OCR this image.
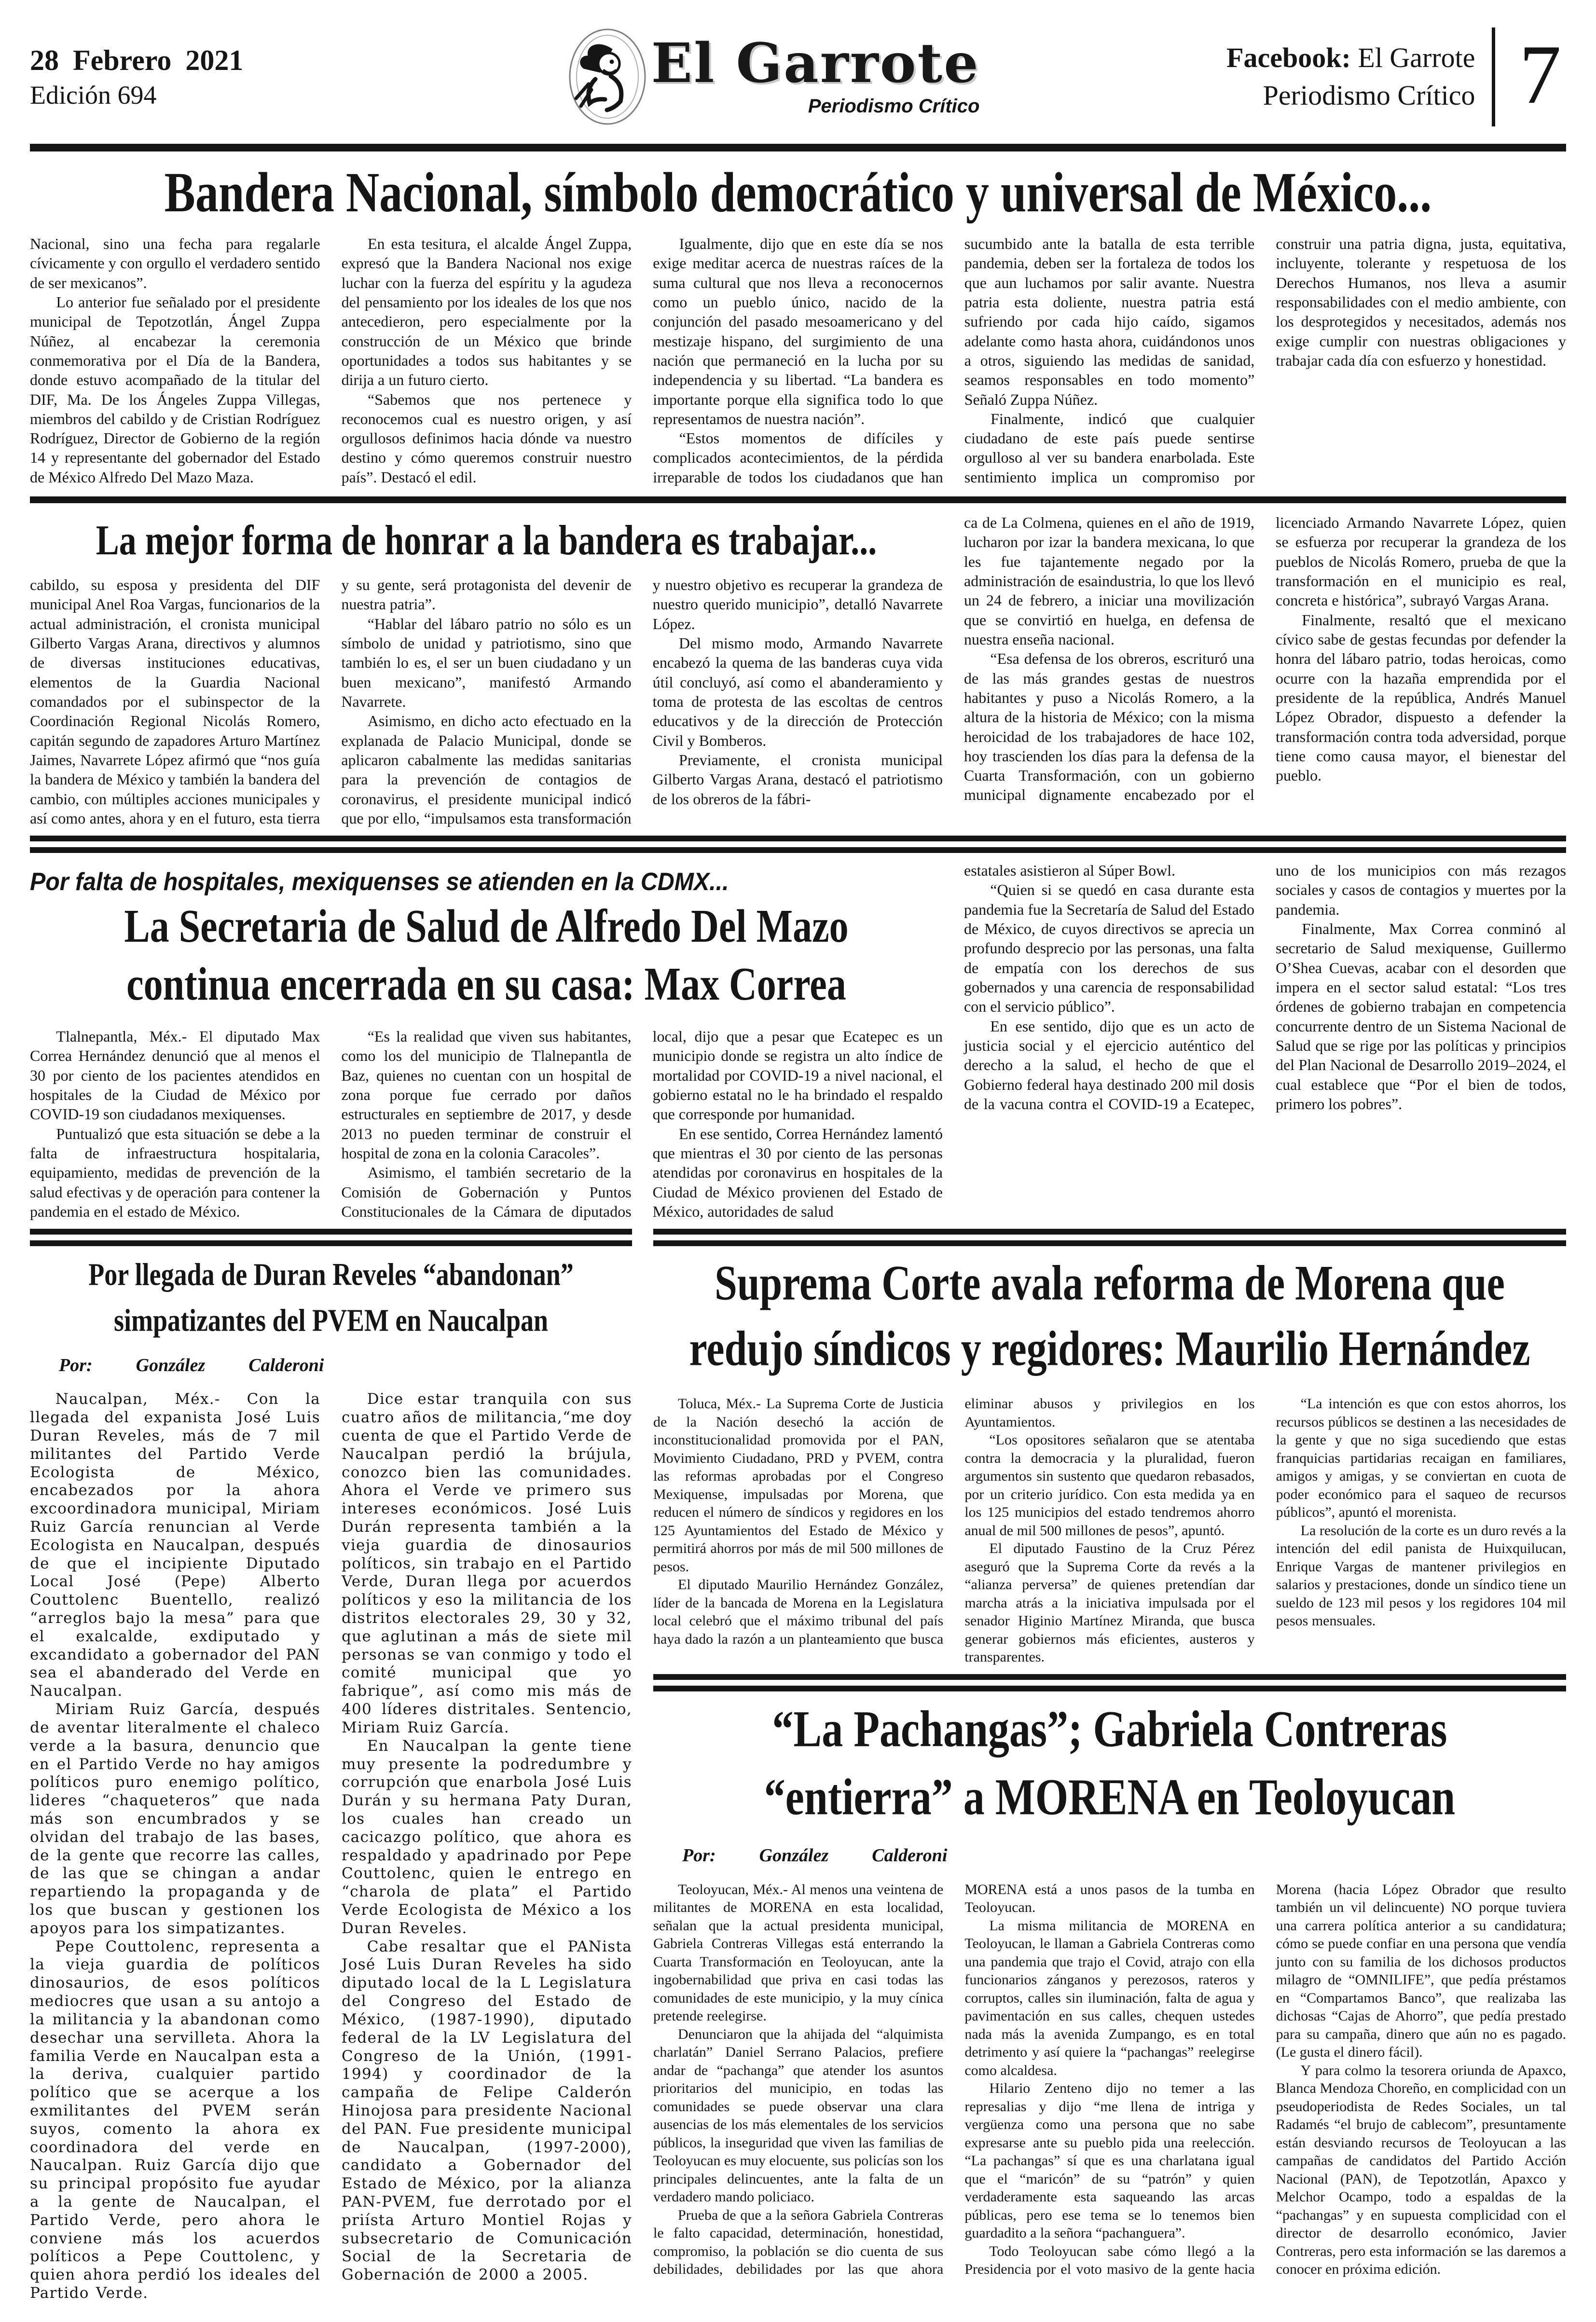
28 Febrero 2021
Edición 694	El Garrote
Periodismo Crítico
Facebook: El Garrote
Periodismo Crítico 7
Bandera Nacional, símbolo democrático y universal de México...

Nacional, sino una fecha para regalarle cívicamente y con orgullo el verdadero sentido de ser mexicanos”.

Lo anterior fue señalado por el presidente municipal de Tepotzotlán, Ángel Zuppa Núñez, al encabezar la ceremonia conmemorativa por el Día de la Bandera, donde estuvo acompañado de la titular del DIF, Ma. De los Ángeles Zuppa Villegas, miembros del cabildo y de Cristian Rodríguez Rodríguez, Director de Gobierno de la región 14 y representante del gobernador del Estado de México Alfredo Del Mazo Maza.

En esta tesitura, el alcalde Ángel Zuppa, expresó que la Bandera Nacional nos exige luchar con la fuerza del espíritu y la agudeza del pensamiento por los ideales de los que nos antecedieron, pero especialmente por la construcción de un México que brinde oportunidades a todos sus habitantes y se dirija a un futuro cierto.

“Sabemos que nos pertenece y reconocemos cual es nuestro origen, y así orgullosos definimos hacia dónde va nuestro destino y cómo queremos construir nuestro país”. Destacó el edil.

Igualmente, dijo que en este día se nos exige meditar acerca de nuestras raíces de la suma cultural que nos lleva a reconocernos como un pueblo único, nacido de la conjunción del pasado mesoamericano y del mestizaje hispano, del surgimiento de una nación que permaneció en la lucha por su independencia y su libertad. “La bandera es importante porque ella significa todo lo que representamos de nuestra nación”.

“Estos momentos de difíciles y complicados acontecimientos, de la pérdida irreparable de todos los ciudadanos que han sucumbido ante la batalla de esta terrible pandemia, deben ser la fortaleza de todos los que aun luchamos por salir avante. Nuestra patria esta doliente, nuestra patria está sufriendo por cada hijo caído, sigamos adelante como hasta ahora, cuidándonos unos a otros, siguiendo las medidas de sanidad, seamos responsables en todo momento” Señaló Zuppa Núñez.

Finalmente, indicó que cualquier ciudadano de este país puede sentirse orgulloso al ver su bandera enarbolada. Este sentimiento implica un compromiso por construir una patria digna, justa, equitativa, incluyente, tolerante y respetuosa de los Derechos Humanos, nos lleva a asumir responsabilidades con el medio ambiente, con los desprotegidos y necesitados, además nos exige cumplir con nuestras obligaciones y trabajar cada día con esfuerzo y honestidad.

La mejor forma de honrar a la bandera es trabajar...

cabildo, su esposa y presidenta del DIF municipal Anel Roa Vargas, funcionarios de la actual administración, el cronista municipal Gilberto Vargas Arana, directivos y alumnos de diversas instituciones educativas, elementos de la Guardia Nacional comandados por el subinspector de la Coordinación Regional Nicolás Romero, capitán segundo de zapadores Arturo Martínez Jaimes, Navarrete López afirmó que “nos guía la bandera de México y también la bandera del cambio, con múltiples acciones municipales y así como antes, ahora y en el futuro, esta tierra y su gente, será protagonista del devenir de nuestra patria”.

“Hablar del lábaro patrio no sólo es un símbolo de unidad y patriotismo, sino que también lo es, el ser un buen ciudadano y un buen mexicano”, manifestó Armando Navarrete.

Asimismo, en dicho acto efectuado en la explanada de Palacio Municipal, donde se aplicaron cabalmente las medidas sanitarias para la prevención de contagios de coronavirus, el presidente municipal indicó que por ello, “impulsamos esta transformación y nuestro objetivo es recuperar la grandeza de nuestro querido municipio”, detalló Navarrete López.

Del mismo modo, Armando Navarrete encabezó la quema de las banderas cuya vida útil concluyó, así como el abanderamiento y toma de protesta de las escoltas de centros educativos y de la dirección de Protección Civil y Bomberos.

Previamente, el cronista municipal Gilberto Vargas Arana, destacó el patriotismo de los obreros de la fábri-

ca de La Colmena, quienes en el año de 1919, lucharon por izar la bandera mexicana, lo que les fue tajantemente negado por la administración de esaindustria, lo que los llevó un 24 de febrero, a iniciar una movilización que se convirtió en huelga, en defensa de nuestra enseña nacional.

“Esa defensa de los obreros, escrituró una de las más grandes gestas de nuestros habitantes y puso a Nicolás Romero, a la altura de la historia de México; con la misma heroicidad de los trabajadores de hace 102, hoy trascienden los días para la defensa de la Cuarta Transformación, con un gobierno municipal dignamente encabezado por el licenciado Armando Navarrete López, quien se esfuerza por recuperar la grandeza de los pueblos de Nicolás Romero, prueba de que la transformación en el municipio es real, concreta e histórica”, subrayó Vargas Arana.

Finalmente, resaltó que el mexicano cívico sabe de gestas fecundas por defender la honra del lábaro patrio, todas heroicas, como ocurre con la hazaña emprendida por el presidente de la república, Andrés Manuel López Obrador, dispuesto a defender la transformación contra toda adversidad, porque tiene como causa mayor, el bienestar del pueblo.

Por falta de hospitales, mexiquenses se atienden en la CDMX...
La Secretaria de Salud de Alfredo Del Mazo
continua encerrada en su casa: Max Correa

Tlalnepantla, Méx.- El diputado Max Correa Hernández denunció que al menos el 30 por ciento de los pacientes atendidos en hospitales de la Ciudad de México por COVID-19 son ciudadanos mexiquenses.

Puntualizó que esta situación se debe a la falta de infraestructura hospitalaria, equipamiento, medidas de prevención de la salud efectivas y de operación para contener la pandemia en el estado de México.

“Es la realidad que viven sus habitantes, como los del municipio de Tlalnepantla de Baz, quienes no cuentan con un hospital de zona porque fue cerrado por daños estructurales en septiembre de 2017, y desde 2013 no pueden terminar de construir el hospital de zona en la colonia Caracoles”.

Asimismo, el también secretario de la Comisión de Gobernación y Puntos Constitucionales de la Cámara de diputados local, dijo que a pesar que Ecatepec es un municipio donde se registra un alto índice de mortalidad por COVID-19 a nivel nacional, el gobierno estatal no le ha brindado el respaldo que corresponde por humanidad.

En ese sentido, Correa Hernández lamentó que mientras el 30 por ciento de las personas atendidas por coronavirus en hospitales de la Ciudad de México provienen del Estado de México, autoridades de salud

estatales asistieron al Súper Bowl.

“Quien si se quedó en casa durante esta pandemia fue la Secretaría de Salud del Estado de México, de cuyos directivos se aprecia un profundo desprecio por las personas, una falta de empatía con los derechos de sus gobernados y una carencia de responsabilidad con el servicio público”.

En ese sentido, dijo que es un acto de justicia social y el ejercicio auténtico del derecho a la salud, el hecho de que el Gobierno federal haya destinado 200 mil dosis de la vacuna contra el COVID-19 a Ecatepec, uno de los municipios con más rezagos sociales y casos de contagios y muertes por la pandemia.

Finalmente, Max Correa conminó al secretario de Salud mexiquense, Guillermo O’Shea Cuevas, acabar con el desorden que impera en el sector salud estatal: “Los tres órdenes de gobierno trabajan en competencia concurrente dentro de un Sistema Nacional de Salud que se rige por las políticas y principios del Plan Nacional de Desarrollo 2019–2024, el cual establece que “Por el bien de todos, primero los pobres”.

Por llegada de Duran Reveles “abandonan”
simpatizantes del PVEM en Naucalpan
Por: González Calderoni

Naucalpan, Méx.- Con la llegada del expanista José Luis Duran Reveles, más de 7 mil militantes del Partido Verde Ecologista de México, encabezados por la ahora excoordinadora municipal, Miriam Ruiz García renuncian al Verde Ecologista en Naucalpan, después de que el incipiente Diputado Local José (Pepe) Alberto Couttolenc Buentello, realizó “arreglos bajo la mesa” para que el exalcalde, exdiputado y excandidato a gobernador del PAN sea el abanderado del Verde en Naucalpan.

Miriam Ruiz García, después de aventar literalmente el chaleco verde a la basura, denuncio que en el Partido Verde no hay amigos políticos puro enemigo político, lideres “chaqueteros” que nada más son encumbrados y se olvidan del trabajo de las bases, de la gente que recorre las calles, de las que se chingan a andar repartiendo la propaganda y de los que buscan y gestionen los apoyos para los simpatizantes.

Pepe Couttolenc, representa a la vieja guardia de políticos dinosaurios, de esos políticos mediocres que usan a su antojo a la militancia y la abandonan como desechar una servilleta. Ahora la familia Verde en Naucalpan esta a la deriva, cualquier partido político que se acerque a los exmilitantes del PVEM serán suyos, comento la ahora ex coordinadora del verde en Naucalpan. Ruiz García dijo que su principal propósito fue ayudar a la gente de Naucalpan, el Partido Verde, pero ahora le conviene más los acuerdos políticos a Pepe Couttolenc, y quien ahora perdió los ideales del Partido Verde.

Dice estar tranquila con sus cuatro años de militancia,“me doy cuenta de que el Partido Verde de Naucalpan perdió la brújula, conozco bien las comunidades. Ahora el Verde ve primero sus intereses económicos. José Luis Durán representa también a la vieja guardia de dinosaurios políticos, sin trabajo en el Partido Verde, Duran llega por acuerdos políticos y eso la militancia de los distritos electorales 29, 30 y 32, que aglutinan a más de siete mil personas se van conmigo y todo el comité municipal que yo fabrique”, así como mis más de 400 líderes distritales. Sentencio, Miriam Ruiz García.

En Naucalpan la gente tiene muy presente la podredumbre y corrupción que enarbola José Luis Durán y su hermana Paty Duran, los cuales han creado un cacicazgo político, que ahora es respaldado y apadrinado por Pepe Couttolenc, quien le entrego en “charola de plata” el Partido Verde Ecologista de México a los Duran Reveles.

Cabe resaltar que el PANista José Luis Duran Reveles ha sido diputado local de la L Legislatura del Congreso del Estado de México, (1987-1990), diputado federal de la LV Legislatura del Congreso de la Unión, (1991-1994) y coordinador de la campaña de Felipe Calderón Hinojosa para presidente Nacional del PAN. Fue presidente municipal de Naucalpan, (1997-2000), candidato a Gobernador del Estado de México, por la alianza PAN-PVEM, fue derrotado por el priísta Arturo Montiel Rojas y subsecretario de Comunicación Social de la Secretaria de Gobernación de 2000 a 2005.

Suprema Corte avala reforma de Morena que
redujo síndicos y regidores: Maurilio Hernández

Toluca, Méx.- La Suprema Corte de Justicia de la Nación desechó la acción de inconstitucionalidad promovida por el PAN, Movimiento Ciudadano, PRD y PVEM, contra las reformas aprobadas por el Congreso Mexiquense, impulsadas por Morena, que reducen el número de síndicos y regidores en los 125 Ayuntamientos del Estado de México y permitirá ahorros por más de mil 500 millones de pesos.

El diputado Maurilio Hernández González, líder de la bancada de Morena en la Legislatura local celebró que el máximo tribunal del país haya dado la razón a un planteamiento que busca eliminar abusos y privilegios en los Ayuntamientos.

“Los opositores señalaron que se atentaba contra la democracia y la pluralidad, fueron argumentos sin sustento que quedaron rebasados, por un criterio jurídico. Con esta medida ya en los 125 municipios del estado tendremos ahorro anual de mil 500 millones de pesos”, apuntó.

El diputado Faustino de la Cruz Pérez aseguró que la Suprema Corte da revés a la “alianza perversa” de quienes pretendían dar marcha atrás a la iniciativa impulsada por el senador Higinio Martínez Miranda, que busca generar gobiernos más eficientes, austeros y transparentes.

“La intención es que con estos ahorros, los recursos públicos se destinen a las necesidades de la gente y que no siga sucediendo que estas franquicias partidarias recaigan en familiares, amigos y amigas, y se conviertan en cuota de poder económico para el saqueo de recursos públicos”, apuntó el morenista.

La resolución de la corte es un duro revés a la intención del edil panista de Huixquilucan, Enrique Vargas de mantener privilegios en salarios y prestaciones, donde un síndico tiene un sueldo de 123 mil pesos y los regidores 104 mil pesos mensuales.

“La Pachangas”; Gabriela Contreras
“entierra” a MORENA en Teoloyucan
Por: González Calderoni

Teoloyucan, Méx.- Al menos una veintena de militantes de MORENA en esta localidad, señalan que la actual presidenta municipal, Gabriela Contreras Villegas está enterrando la Cuarta Transformación en Teoloyucan, ante la ingobernabilidad que priva en casi todas las comunidades de este municipio, y la muy cínica pretende reelegirse.

Denunciaron que la ahijada del “alquimista charlatán” Daniel Serrano Palacios, prefiere andar de “pachanga” que atender los asuntos prioritarios del municipio, en todas las comunidades se puede observar una clara ausencias de los más elementales de los servicios públicos, la inseguridad que viven las familias de Teoloyucan es muy elocuente, sus policías son los principales delincuentes, ante la falta de un verdadero mando policiaco.

Prueba de que a la señora Gabriela Contreras le falto capacidad, determinación, honestidad, compromiso, la población se dio cuenta de sus debilidades, debilidades por las que ahora MORENA está a unos pasos de la tumba en Teoloyucan.

La misma militancia de MORENA en Teoloyucan, le llaman a Gabriela Contreras como una pandemia que trajo el Covid, atrajo con ella funcionarios zánganos y perezosos, rateros y corruptos, calles sin iluminación, falta de agua y pavimentación en sus calles, chequen ustedes nada más la avenida Zumpango, es en total detrimento y así quiere la “pachangas” reelegirse como alcaldesa.

Hilario Zenteno dijo no temer a las represalias y dijo “me llena de intriga y vergüenza como una persona que no sabe expresarse ante su pueblo pida una reelección. “La pachangas” sí que es una charlatana igual que el “maricón” de su “patrón” y quien verdaderamente esta saqueando las arcas públicas, pero ese tema se lo tenemos bien guardadito a la señora “pachanguera”.

Todo Teoloyucan sabe cómo llegó a la Presidencia por el voto masivo de la gente hacia Morena (hacia López Obrador que resulto también un vil delincuente) NO porque tuviera una carrera política anterior a su candidatura; cómo se puede confiar en una persona que vendía junto con su familia de los dichosos productos milagro de “OMNILIFE”, que pedía préstamos en “Compartamos Banco”, que realizaba las dichosas “Cajas de Ahorro”, que pedía prestado para su campaña, dinero que aún no es pagado. (Le gusta el dinero fácil).

Y para colmo la tesorera oriunda de Apaxco, Blanca Mendoza Choreño, en complicidad con un pseudoperiodista de Redes Sociales, un tal Radamés “el brujo de cablecom”, presuntamente están desviando recursos de Teoloyucan a las campañas de candidatos del Partido Acción Nacional (PAN), de Tepotzotlán, Apaxco y Melchor Ocampo, todo a espaldas de la “pachangas” y en supuesta complicidad con el director de desarrollo económico, Javier Contreras, pero esta información se las daremos a conocer en próxima edición.
